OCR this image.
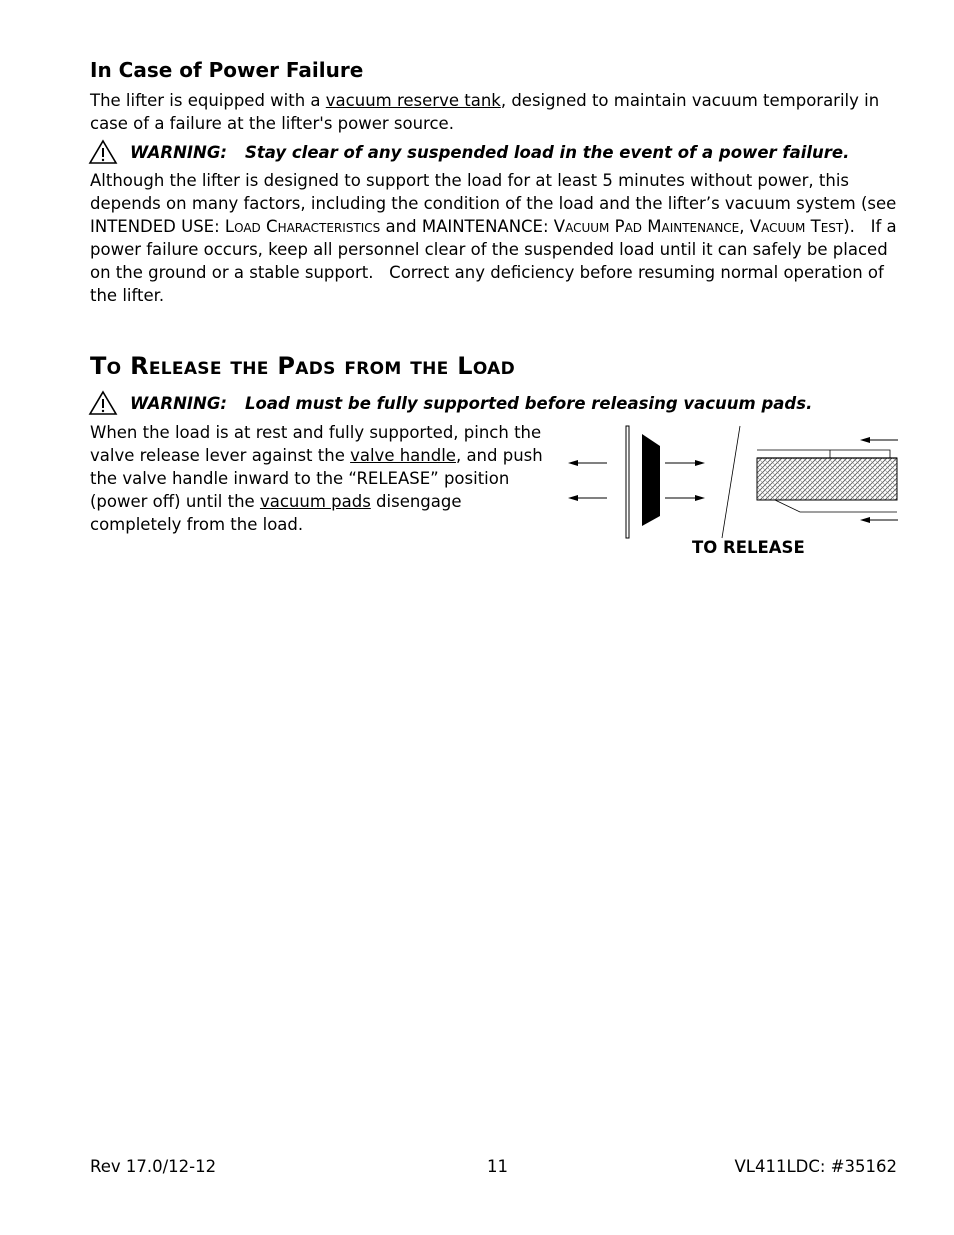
In Case of Power Failure

The lifter is equipped with a vacuum reserve tank, designed to maintain vacuum temporarily in case of a failure at the lifter's power source.

WARNING: Stay clear of any suspended load in the event of a power failure.

Although the lifter is designed to support the load for at least 5 minutes without power, this depends on many factors, including the condition of the load and the lifter’s vacuum system (see INTENDED USE: Load Characteristics and MAINTENANCE: Vacuum Pad Maintenance, Vacuum Test).   If a power failure occurs, keep all personnel clear of the suspended load until it can safely be placed on the ground or a stable support.   Correct any deficiency before resuming normal operation of the lifter.

To Release the Pads from the Load
WARNING: Load must be fully supported before releasing vacuum pads.

When the load is at rest and fully supported, pinch the valve release lever against the valve handle, and push the valve handle inward to the “RELEASE” position (power off) until the vacuum pads disengage completely from the load.

TO RELEASE
Rev 17.0/12-12	11	VL411LDC: #35162
